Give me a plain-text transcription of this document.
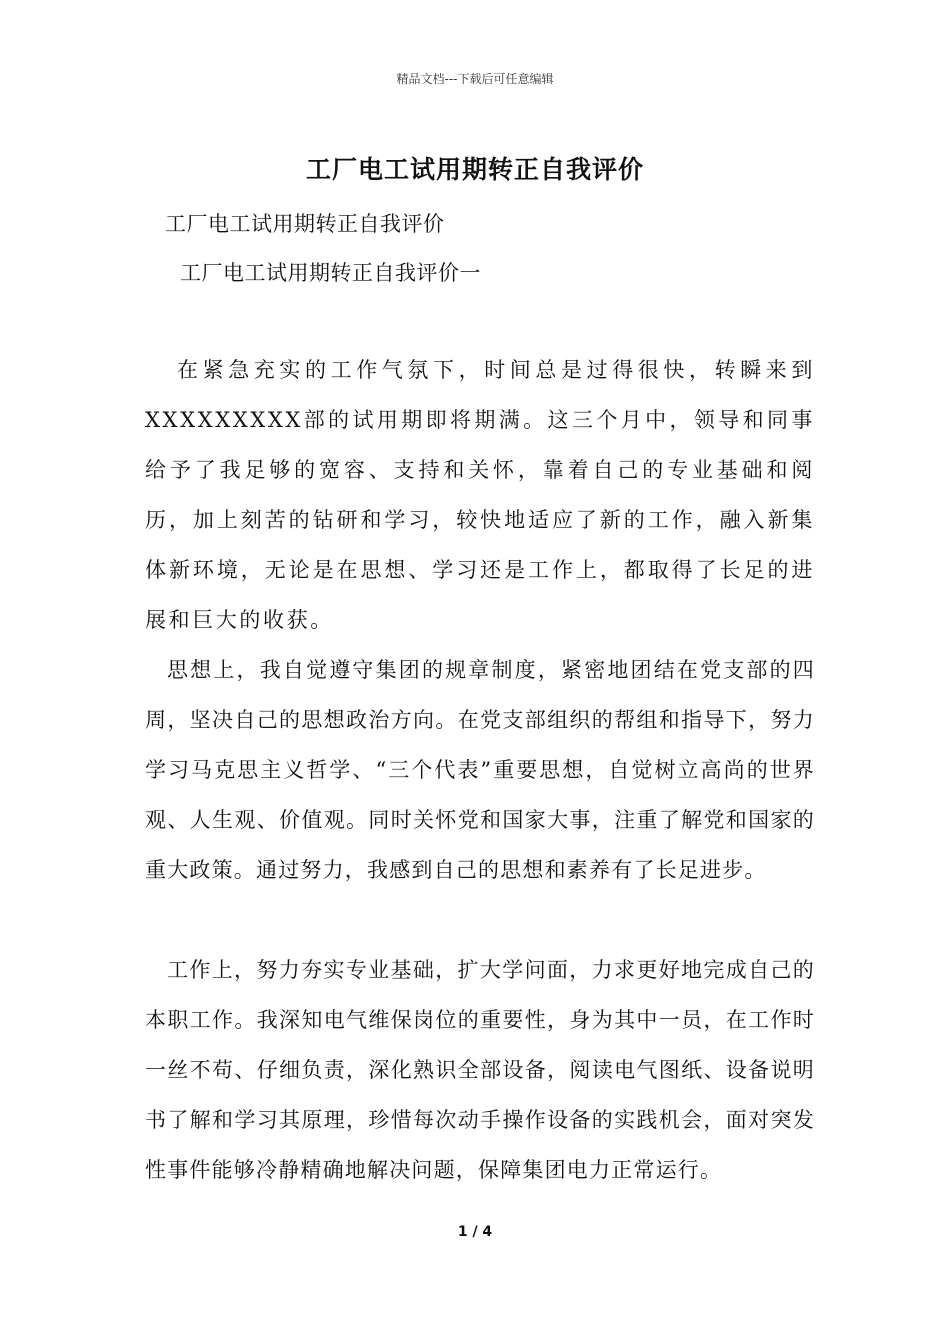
精品文档---下载后可任意编辑
工厂电工试用期转正自我评价
工厂电工试用期转正自我评价
工厂电工试用期转正自我评价一

在紧急充实的工作气氛下，时间总是过得很快，转瞬来到XXXXXXXXX部的试用期即将期满。这三个月中，领导和同事给予了我足够的宽容、支持和关怀，靠着自己的专业基础和阅历，加上刻苦的钻研和学习，较快地适应了新的工作，融入新集体新环境，无论是在思想、学习还是工作上，都取得了长足的进展和巨大的收获。

思想上，我自觉遵守集团的规章制度，紧密地团结在党支部的四周，坚决自己的思想政治方向。在党支部组织的帮组和指导下，努力学习马克思主义哲学、“三个代表”重要思想，自觉树立高尚的世界观、人生观、价值观。同时关怀党和国家大事，注重了解党和国家的重大政策。通过努力，我感到自己的思想和素养有了长足进步。

工作上，努力夯实专业基础，扩大学问面，力求更好地完成自己的本职工作。我深知电气维保岗位的重要性，身为其中一员，在工作时一丝不苟、仔细负责，深化熟识全部设备，阅读电气图纸、设备说明书了解和学习其原理，珍惜每次动手操作设备的实践机会，面对突发性事件能够冷静精确地解决问题，保障集团电力正常运行。

1 / 4
